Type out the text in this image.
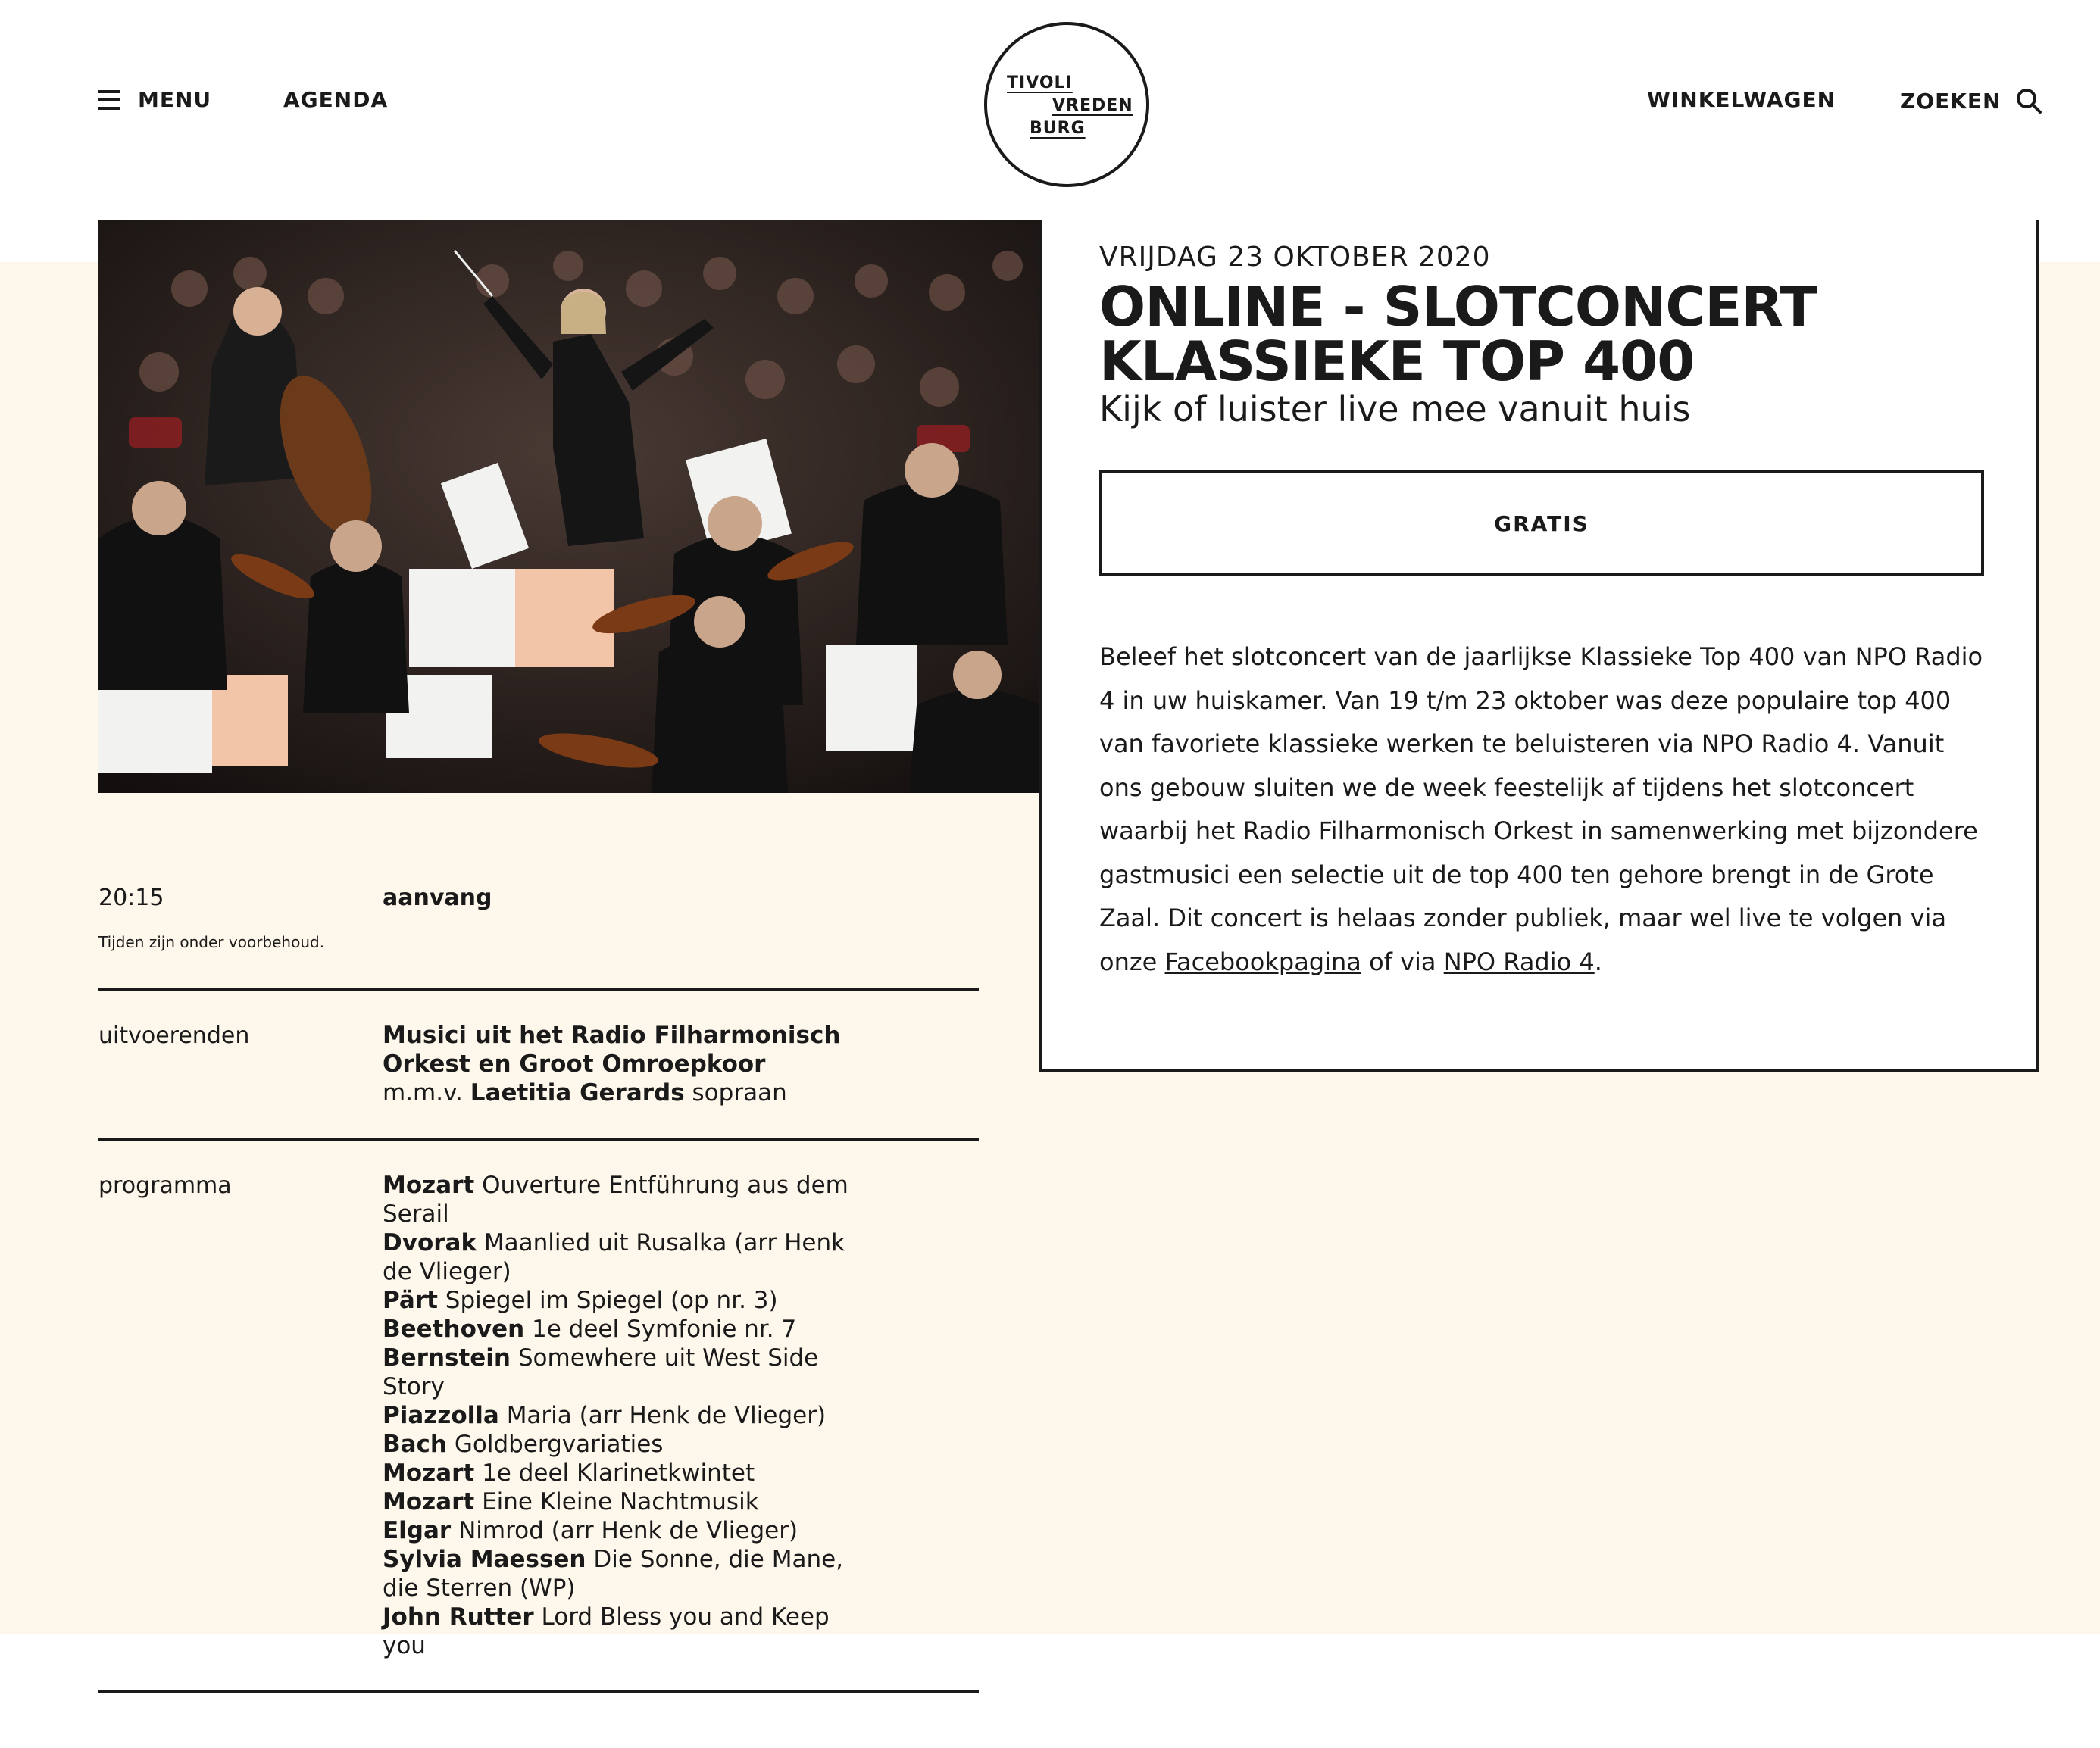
MENU	AGENDA
TIVOLI
VREDEN
BURG
WINKELWAGEN	ZOEKEN
VRIJDAG 23 OKTOBER 2020
ONLINE - SLOTCONCERT
KLASSIEKE TOP 400
Kijk of luister live mee vanuit huis
GRATIS

Beleef het slotconcert van de jaarlijkse Klassieke Top 400 van NPO Radio 4 in uw huiskamer. Van 19 t/m 23 oktober was deze populaire top 400 van favoriete klassieke werken te beluisteren via NPO Radio 4. Vanuit ons gebouw sluiten we de week feestelijk af tijdens het slotconcert waarbij het Radio Filharmonisch Orkest in samenwerking met bijzondere gastmusici een selectie uit de top 400 ten gehore brengt in de Grote Zaal. Dit concert is helaas zonder publiek, maar wel live te volgen via onze Facebookpagina of via NPO Radio 4.

20:15	aanvang
Tijden zijn onder voorbehoud.
uitvoerenden	Musici uit het Radio Filharmonisch
Orkest en Groot Omroepkoor
m.m.v. Laetitia Gerards sopraan
programma	Mozart Ouverture Entführung aus dem Serail
Dvorak Maanlied uit Rusalka (arr Henk de Vlieger)
Pärt Spiegel im Spiegel (op nr. 3)
Beethoven 1e deel Symfonie nr. 7
Bernstein Somewhere uit West Side Story
Piazzolla Maria (arr Henk de Vlieger)
Bach Goldbergvariaties
Mozart 1e deel Klarinetkwintet
Mozart Eine Kleine Nachtmusik
Elgar Nimrod (arr Henk de Vlieger)
Sylvia Maessen Die Sonne, die Mane, die Sterren (WP)
John Rutter Lord Bless you and Keep you
